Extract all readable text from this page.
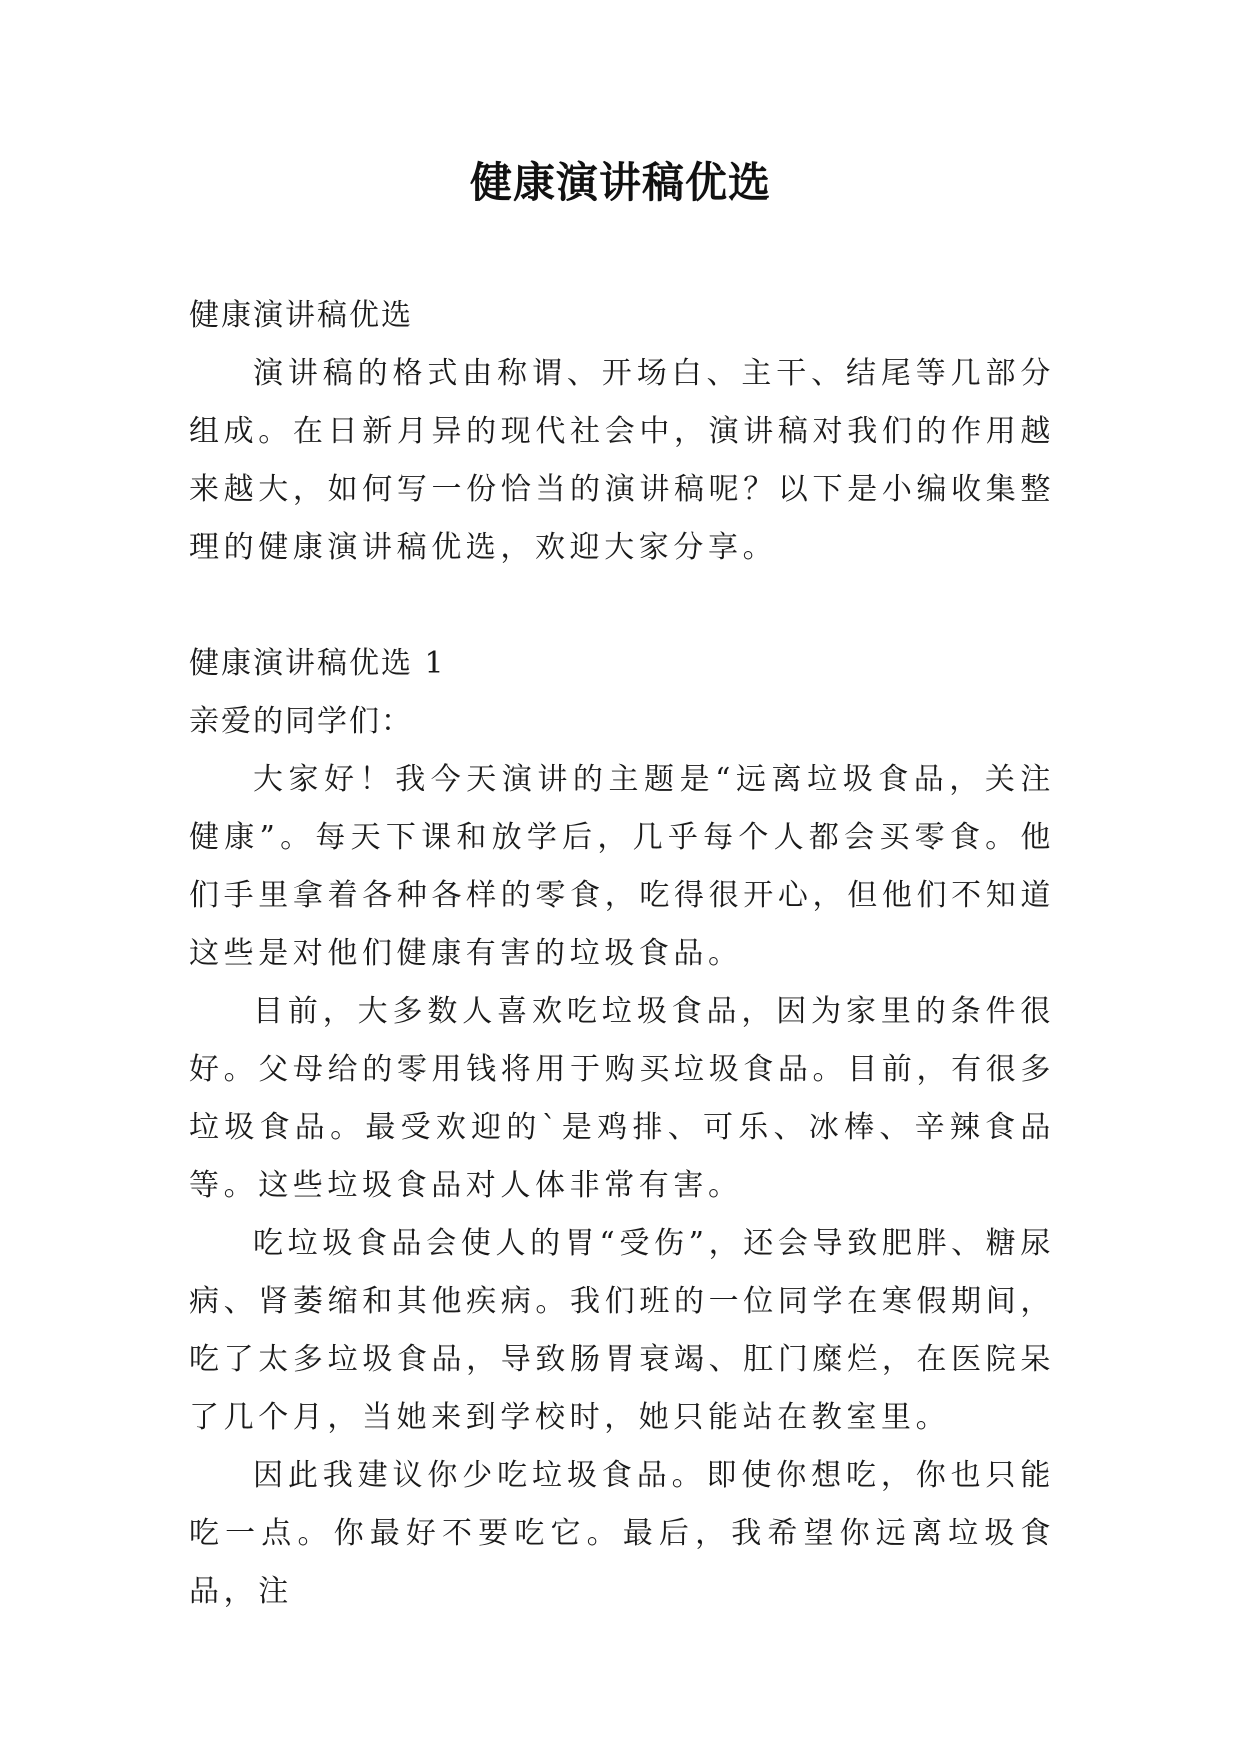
健康演讲稿优选

健康演讲稿优选

演讲稿的格式由称谓、开场白、主干、结尾等几部分组成。在日新月异的现代社会中，演讲稿对我们的作用越来越大，如何写一份恰当的演讲稿呢？以下是小编收集整理的健康演讲稿优选，欢迎大家分享。

健康演讲稿优选 1

亲爱的同学们：

大家好！我今天演讲的主题是“远离垃圾食品，关注健康”。每天下课和放学后，几乎每个人都会买零食。他们手里拿着各种各样的零食，吃得很开心，但他们不知道这些是对他们健康有害的垃圾食品。

目前，大多数人喜欢吃垃圾食品，因为家里的条件很好。父母给的零用钱将用于购买垃圾食品。目前，有很多垃圾食品。最受欢迎的`是鸡排、可乐、冰棒、辛辣食品等。这些垃圾食品对人体非常有害。

吃垃圾食品会使人的胃“受伤”，还会导致肥胖、糖尿病、肾萎缩和其他疾病。我们班的一位同学在寒假期间，吃了太多垃圾食品，导致肠胃衰竭、肛门糜烂，在医院呆了几个月，当她来到学校时，她只能站在教室里。

因此我建议你少吃垃圾食品。即使你想吃，你也只能吃一点。你最好不要吃它。最后，我希望你远离垃圾食品，注
